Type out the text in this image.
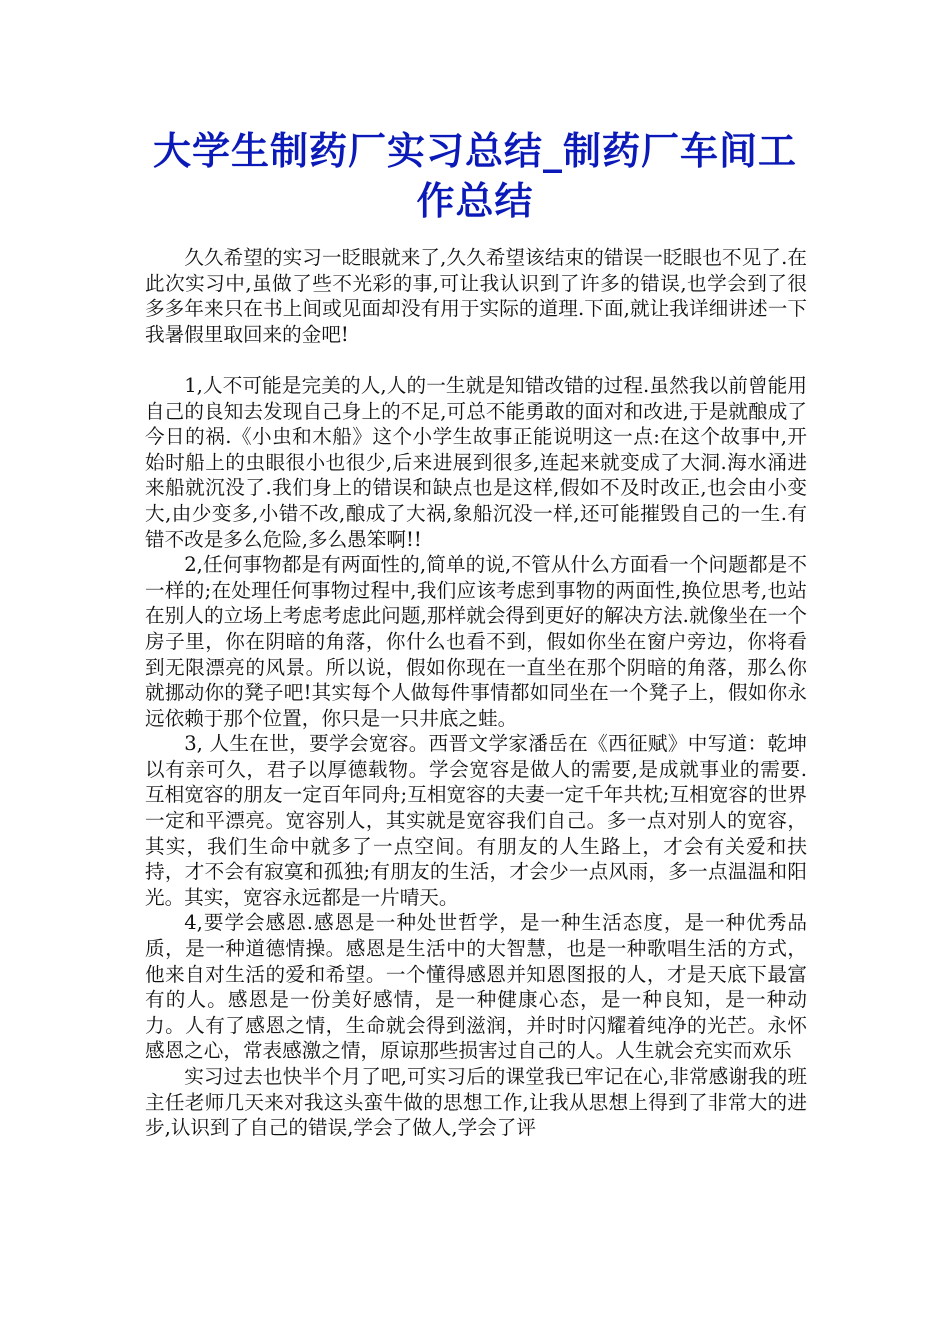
大学生制药厂实习总结_制药厂车间工作总结

久久希望的实习一眨眼就来了,久久希望该结束的错误一眨眼也不见了.在此次实习中,虽做了些不光彩的事,可让我认识到了许多的错误,也学会到了很多多年来只在书上间或见面却没有用于实际的道理.下面,就让我详细讲述一下我暑假里取回来的金吧!

1,人不可能是完美的人,人的一生就是知错改错的过程.虽然我以前曾能用自己的良知去发现自己身上的不足,可总不能勇敢的面对和改进,于是就酿成了今日的祸.《小虫和木船》这个小学生故事正能说明这一点:在这个故事中,开始时船上的虫眼很小也很少,后来进展到很多,连起来就变成了大洞.海水涌进来船就沉没了.我们身上的错误和缺点也是这样,假如不及时改正,也会由小变大,由少变多,小错不改,酿成了大祸,象船沉没一样,还可能摧毁自己的一生.有错不改是多么危险,多么愚笨啊!!

2,任何事物都是有两面性的,简单的说,不管从什么方面看一个问题都是不一样的;在处理任何事物过程中,我们应该考虑到事物的两面性,换位思考,也站在别人的立场上考虑考虑此问题,那样就会得到更好的解决方法.就像坐在一个房子里，你在阴暗的角落，你什么也看不到，假如你坐在窗户旁边，你将看到无限漂亮的风景。所以说，假如你现在一直坐在那个阴暗的角落，那么你就挪动你的凳子吧!其实每个人做每件事情都如同坐在一个凳子上，假如你永远依赖于那个位置，你只是一只井底之蛙。

3, 人生在世，要学会宽容。西晋文学家潘岳在《西征赋》中写道：乾坤以有亲可久，君子以厚德载物。学会宽容是做人的需要,是成就事业的需要. 互相宽容的朋友一定百年同舟;互相宽容的夫妻一定千年共枕;互相宽容的世界一定和平漂亮。宽容别人，其实就是宽容我们自己。多一点对别人的宽容，其实，我们生命中就多了一点空间。有朋友的人生路上，才会有关爱和扶持，才不会有寂寞和孤独;有朋友的生活，才会少一点风雨，多一点温温和阳光。其实，宽容永远都是一片晴天。

4,要学会感恩.感恩是一种处世哲学，是一种生活态度，是一种优秀品质，是一种道德情操。感恩是生活中的大智慧，也是一种歌唱生活的方式，他来自对生活的爱和希望。一个懂得感恩并知恩图报的人，才是天底下最富有的人。感恩是一份美好感情，是一种健康心态，是一种良知，是一种动力。人有了感恩之情，生命就会得到滋润，并时时闪耀着纯净的光芒。永怀感恩之心，常表感激之情，原谅那些损害过自己的人。人生就会充实而欢乐

实习过去也快半个月了吧,可实习后的课堂我已牢记在心,非常感谢我的班主任老师几天来对我这头蛮牛做的思想工作,让我从思想上得到了非常大的进步,认识到了自己的错误,学会了做人,学会了评
